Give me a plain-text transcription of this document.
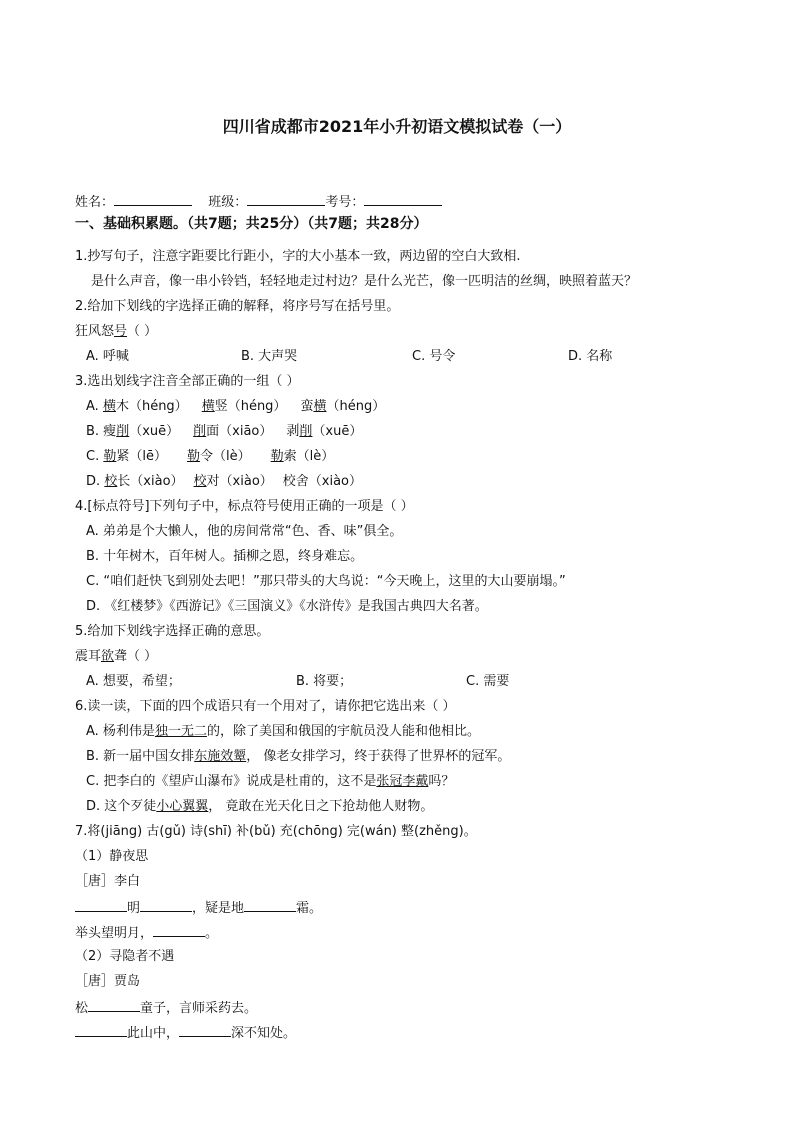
四川省成都市2021年小升初语文模拟试卷（一）
姓名：	班级：	考号：
一、基础积累题。（共7题；共25分）（共7题；共28分）
1.抄写句子，注意字距要比行距小，字的大小基本一致，两边留的空白大致相.
是什么声音，像一串小铃铛，轻轻地走过村边？是什么光芒，像一匹明洁的丝绸，映照着蓝天？
2.给加下划线的字选择正确的解释，将序号写在括号里。
狂风怒号（ ）
A. 呼喊	B. 大声哭	C. 号令	D. 名称
3.选出划线字注音全部正确的一组（ ）
A. 横木（héng） 横竖（héng） 蛮横（héng）
B. 瘦削（xuē） 削面（xiāo） 剥削（xuē）
C. 勒紧（lē） 勒令（lè） 勒索（lè）
D. 校长（xiào） 校对（xiào） 校舍（xiào）
4.[标点符号]下列句子中，标点符号使用正确的一项是（ ）
A. 弟弟是个大懒人，他的房间常常“色、香、味”俱全。
B. 十年树木，百年树人。插柳之恩，终身难忘。
C. “咱们赶快飞到别处去吧！”那只带头的大鸟说：“今天晚上，这里的大山要崩塌。”
D. 《红楼梦》《西游记》《三国演义》《水浒传》是我国古典四大名著。
5.给加下划线字选择正确的意思。
震耳欲聋（ ）
A. 想要，希望；	B. 将要；	C. 需要
6.读一读，下面的四个成语只有一个用对了，请你把它选出来（ ）
A. 杨利伟是独一无二的，除了美国和俄国的宇航员没人能和他相比。
B. 新一届中国女排东施效颦， 像老女排学习，终于获得了世界杯的冠军。
C. 把李白的《望庐山瀑布》说成是杜甫的，这不是张冠李戴吗？
D. 这个歹徒小心翼翼， 竟敢在光天化日之下抢劫他人财物。
7.将(jiāng) 古(gǔ) 诗(shī) 补(bǔ) 充(chōng) 完(wán) 整(zhěng)。
（1）静夜思
［唐］李白
明	，疑是地	霜。
举头望明月，	。
（2）寻隐者不遇
［唐］贾岛
松	童子，言师采药去。
此山中，	深不知处。
